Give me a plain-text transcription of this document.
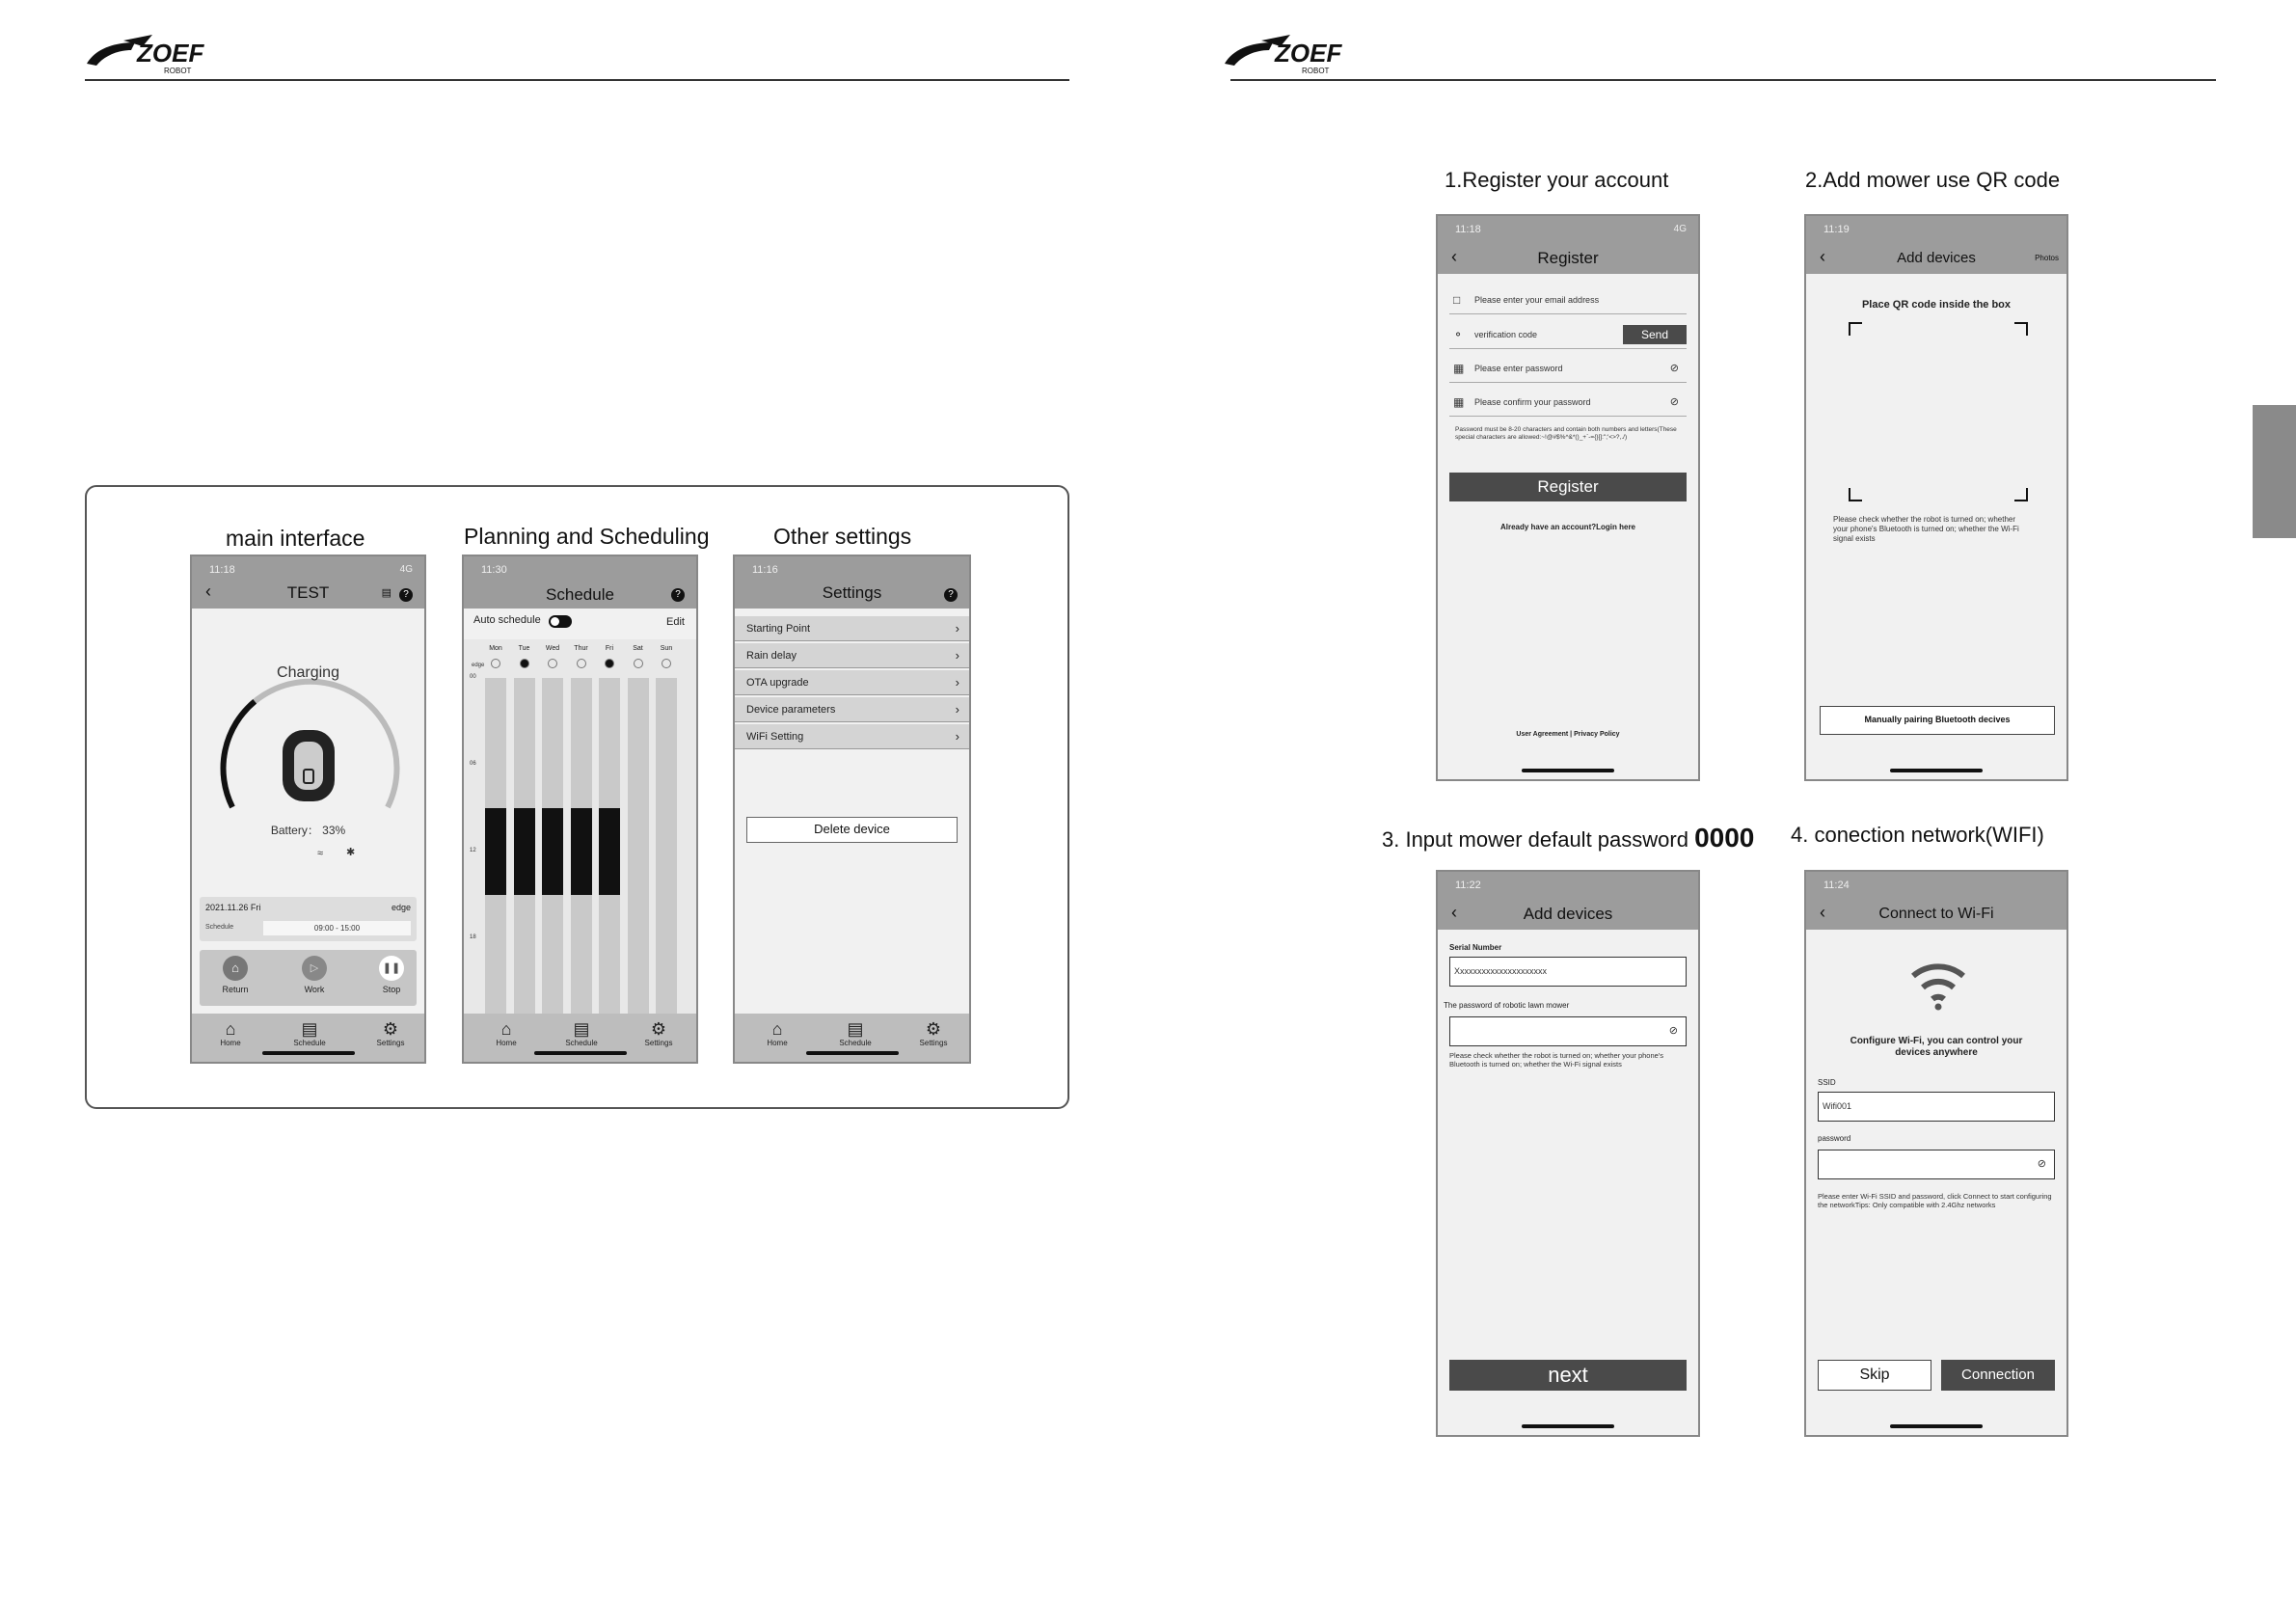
ZOEF
ROBOT
ZOEF
ROBOT
main interface	Planning and Scheduling	Other settings
11:18	4G
‹	TEST	▤	?
Charging
Battery： 33%
≈ ✱
2021.11.26 Fri	edge
Schedule	09:00 - 15:00
⌂
Return
▷
Work
❚❚
Stop
⌂
Home
▤
Schedule
⚙
Settings
11:30
Schedule	?
Auto schedule	Edit
Mon	Tue	Wed	Thur	Fri	Sat	Sun
00
06
12
18
edge
⌂
Home
▤
Schedule
⚙
Settings
11:16
Settings	?
Starting Point	›
Rain delay	›
OTA upgrade	›
Device parameters	›
WiFi Setting	›
Delete device
⌂
Home
▤
Schedule
⚙
Settings
1.Register your account	2.Add mower use QR code
3. Input mower default password 0000 4. conection network(WIFI)
11:18	4G
‹	Register
□ Please enter your email address
⚬ verification code	Send
▦ Please enter password	⊘
▦ Please confirm your password	⊘
Password must be 8-20 characters and contain both numbers and letters(These special characters are allowed:~!@#$%^&*()_+`-={}[]:";'<>?,./)
Register
Already have an account?Login here
User Agreement | Privacy Policy
11:19
‹	Add devices	Photos
Place QR code inside the box
Please check whether the robot is turned on; whether your phone's Bluetooth is turned on; whether the Wi-Fi signal exists
Manually pairing Bluetooth decives
11:22
‹	Add devices
Serial Number
Xxxxxxxxxxxxxxxxxxxxx
The password of robotic lawn mower
⊘
Please check whether the robot is turned on; whether your phone's Bluetooth is turned on; whether the Wi-Fi signal exists
next
11:24
‹	Connect to Wi-Fi
Configure Wi-Fi, you can control your devices anywhere
SSID
Wifi001
password
⊘
Please enter Wi-Fi SSID and password, click Connect to start configuring the networkTips: Only compatible with 2.4Ghz networks
Skip	Connection
